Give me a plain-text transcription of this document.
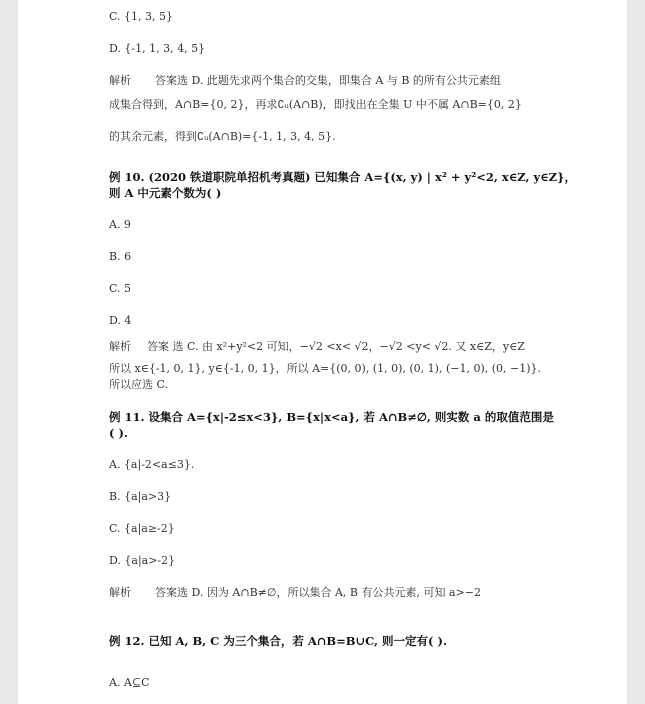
C. {1, 3, 5}
D. {-1, 1, 3, 4, 5}
解析 答案选 D. 此题先求两个集合的交集，即集合 A 与 B 的所有公共元素组
成集合得到，A∩B={0, 2}，再求∁ᵤ(A∩B)，即找出在全集 U 中不属 A∩B={0, 2}
的其余元素，得到∁ᵤ(A∩B)={-1, 1, 3, 4, 5}.
例 10. (2020 铁道职院单招机考真题) 已知集合 A={(x, y) | x² + y²<2, x∈Z, y∈Z}，
则 A 中元素个数为( )
A. 9
B. 6
C. 5
D. 4
解析 答案 选 C. 由 x²+y²<2 可知，−√2 <x< √2，−√2 <y< √2. 又 x∈Z，y∈Z
所以 x∈{-1, 0, 1}, y∈{-1, 0, 1}，所以 A={(0, 0), (1, 0), (0, 1), (−1, 0), (0, −1)}.
所以应选 C.
例 11. 设集合 A={x|-2≤x<3}, B={x|x<a}, 若 A∩B≠∅, 则实数 a 的取值范围是
( ).
A. {a|-2<a≤3}.
B. {a|a>3}
C. {a|a≥-2}
D. {a|a>-2}
解析 答案选 D. 因为 A∩B≠∅，所以集合 A, B 有公共元素, 可知 a>−2
例 12. 已知 A, B, C 为三个集合，若 A∩B=B∪C, 则一定有( ).
A. A⊆C
